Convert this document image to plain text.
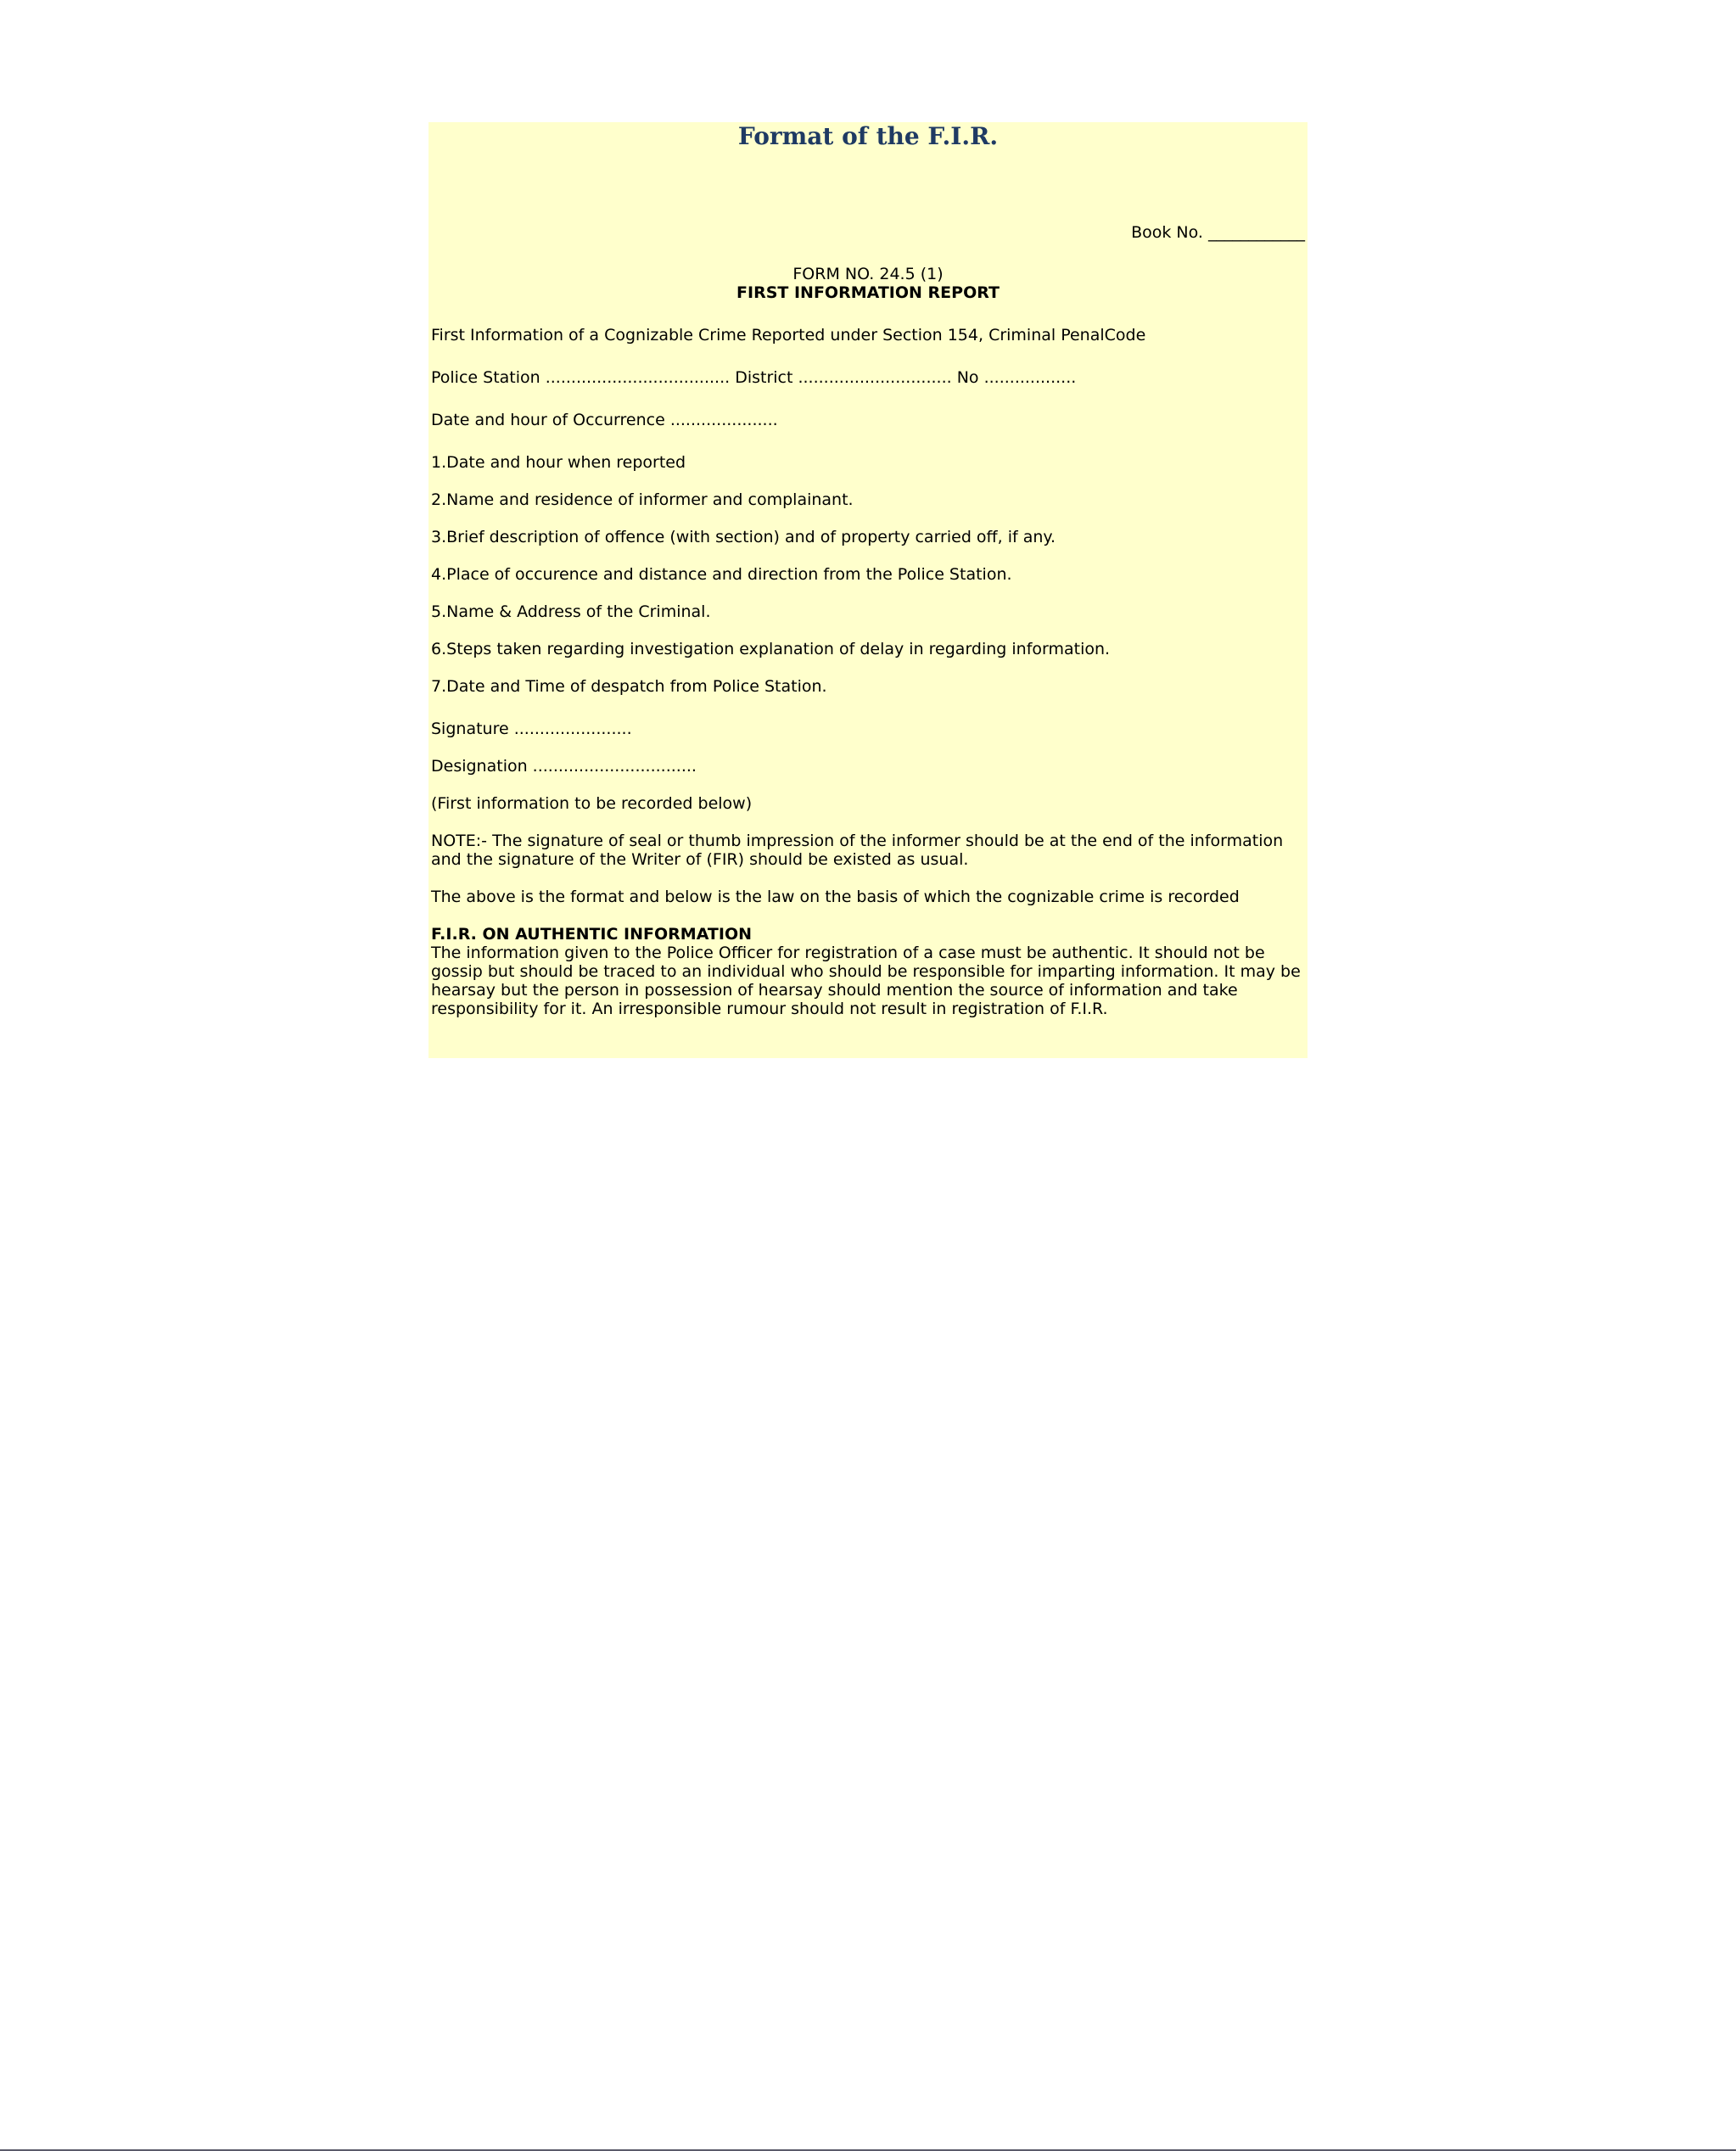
Format of the F.I.R.
Book No. ____________
FORM NO. 24.5 (1)
FIRST INFORMATION REPORT
First Information of a Cognizable Crime Reported under Section 154, Criminal PenalCode
Police Station .................................... District .............................. No ..................
Date and hour of Occurrence .....................
1.Date and hour when reported
2.Name and residence of informer and complainant.
3.Brief description of offence (with section) and of property carried off, if any.
4.Place of occurence and distance and direction from the Police Station.
5.Name & Address of the Criminal.
6.Steps taken regarding investigation explanation of delay in regarding information.
7.Date and Time of despatch from Police Station.
Signature .......................
Designation ................................
(First information to be recorded below)
NOTE:- The signature of seal or thumb impression of the informer should be at the end of the information and the signature of the Writer of (FIR) should be existed as usual.
The above is the format and below is the law on the basis of which the cognizable crime is recorded
F.I.R. ON AUTHENTIC INFORMATION
The information given to the Police Officer for registration of a case must be authentic. It should not be gossip but should be traced to an individual who should be responsible for imparting information. It may be hearsay but the person in possession of hearsay should mention the source of information and take responsibility for it. An irresponsible rumour should not result in registration of F.I.R.
